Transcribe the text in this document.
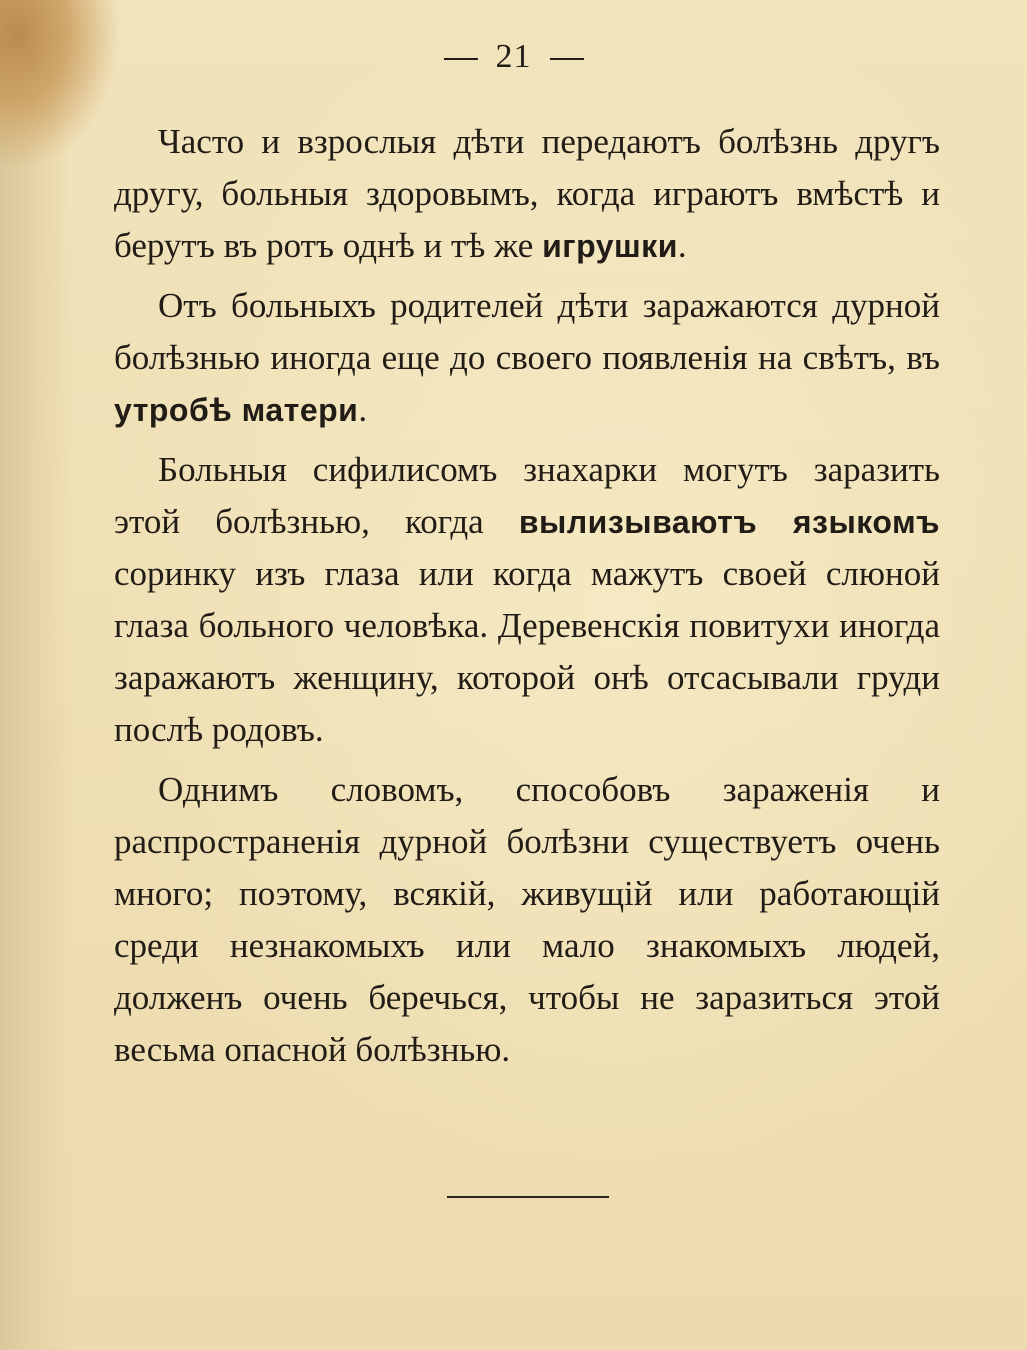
21

Часто и взрослыя дѣти передаютъ болѣзнь другъ другу, больныя здоровымъ, когда играютъ вмѣстѣ и берутъ въ ротъ однѣ и тѣ же игрушки.

Отъ больныхъ родителей дѣти заражаются дурной болѣзнью иногда еще до своего появленія на свѣтъ, въ утробѣ матери.

Больныя сифилисомъ знахарки могутъ заразить этой болѣзнью, когда вылизываютъ языкомъ соринку изъ глаза или когда мажутъ своей слюной глаза больного человѣка. Деревенскія повитухи иногда заражаютъ женщину, которой онѣ отсасывали груди послѣ родовъ.

Однимъ словомъ, способовъ зараженія и распространенія дурной болѣзни существуетъ очень много; поэтому, всякій, живущій или работающій среди незнакомыхъ или мало знакомыхъ людей, долженъ очень беречься, чтобы не заразиться этой весьма опасной болѣзнью.
